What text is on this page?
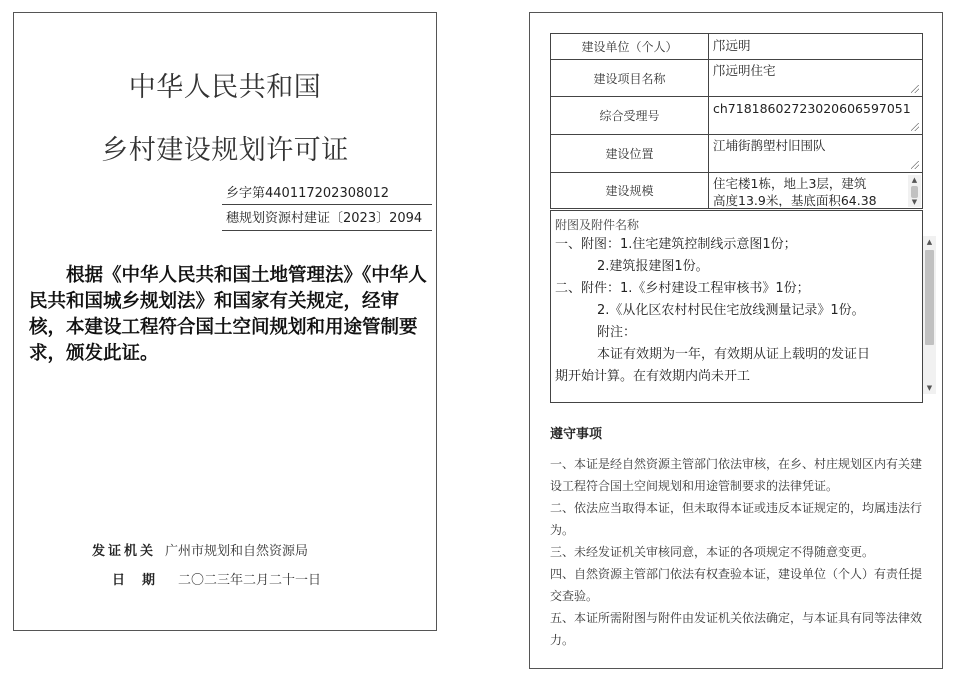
中华人民共和国
乡村建设规划许可证
乡字第440117202308012
穗规划资源村建证〔2023〕2094

根据《中华人民共和国土地管理法》《中华人民共和国城乡规划法》和国家有关规定，经审核，本建设工程符合国土空间规划和用途管制要求，颁发此证。

发证机关 广州市规划和自然资源局
日 期 二〇二三年二月二十一日
建设单位（个人）	邝远明

建设项目名称	邝远明住宅

综合受理号	ch71818602723020606597051

建设位置	江埔街鹊塱村旧围队

建设规模	住宅楼1栋，地上3层，建筑
高度13.9米，基底面积64.38
▲
▼
附图及附件名称
一、附图：1.住宅建筑控制线示意图1份；
2.建筑报建图1份。
二、附件：1.《乡村建设工程审核书》1份；
2.《从化区农村村民住宅放线测量记录》1份。
附注：
本证有效期为一年，有效期从证上载明的发证日
期开始计算。在有效期内尚未开工
▲
▼
遵守事项
一、本证是经自然资源主管部门依法审核，在乡、村庄规划区内有关建设工程符合国土空间规划和用途管制要求的法律凭证。
二、依法应当取得本证，但未取得本证或违反本证规定的，均属违法行为。
三、未经发证机关审核同意，本证的各项规定不得随意变更。
四、自然资源主管部门依法有权查验本证，建设单位（个人）有责任提交查验。
五、本证所需附图与附件由发证机关依法确定，与本证具有同等法律效力。
